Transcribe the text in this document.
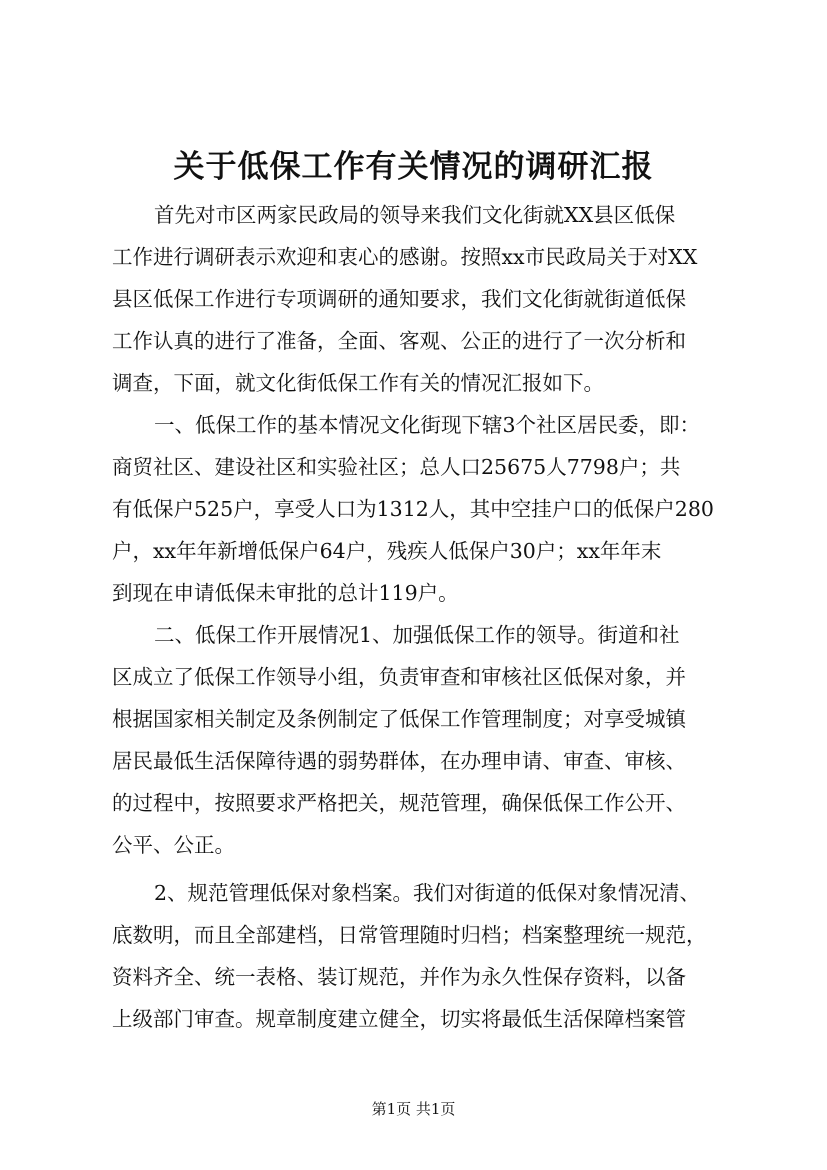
关于低保工作有关情况的调研汇报
首先对市区两家民政局的领导来我们文化街就XX县区低保
工作进行调研表示欢迎和衷心的感谢。按照xx市民政局关于对XX
县区低保工作进行专项调研的通知要求，我们文化街就街道低保
工作认真的进行了准备，全面、客观、公正的进行了一次分析和
调查，下面，就文化街低保工作有关的情况汇报如下。
一、低保工作的基本情况文化街现下辖3个社区居民委，即：
商贸社区、建设社区和实验社区；总人口25675人7798户；共
有低保户525户，享受人口为1312人，其中空挂户口的低保户280
户，xx年年新增低保户64户，残疾人低保户30户；xx年年末
到现在申请低保未审批的总计119户。
二、低保工作开展情况1、加强低保工作的领导。街道和社
区成立了低保工作领导小组，负责审查和审核社区低保对象，并
根据国家相关制定及条例制定了低保工作管理制度；对享受城镇
居民最低生活保障待遇的弱势群体，在办理申请、审查、审核、
的过程中，按照要求严格把关，规范管理，确保低保工作公开、
公平、公正。
2、规范管理低保对象档案。我们对街道的低保对象情况清、
底数明，而且全部建档，日常管理随时归档；档案整理统一规范，
资料齐全、统一表格、装订规范，并作为永久性保存资料，以备
上级部门审查。规章制度建立健全，切实将最低生活保障档案管
第1页 共1页
